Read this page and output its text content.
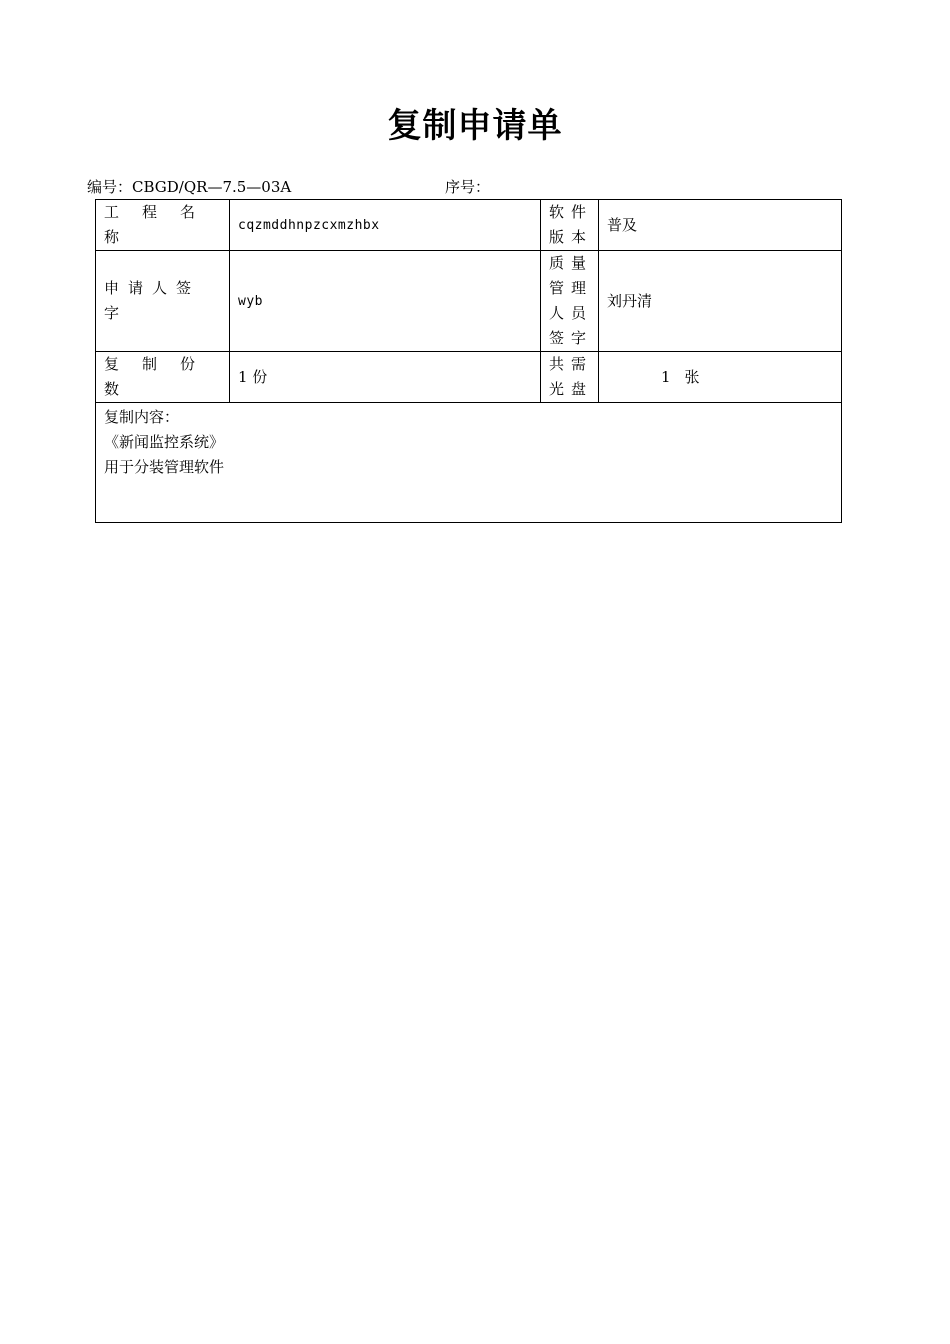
复制申请单
编号：CBGD/QR—7.5—03A	序号：
工程名称	cqzmddhnpzcxmzhbx	软件版本	普及
申请人签字	wyb	质量管理人员签字	刘丹清
复制份数	1 份	共需光盘	1 张

复制内容：
《新闻监控系统》
用于分装管理软件			
